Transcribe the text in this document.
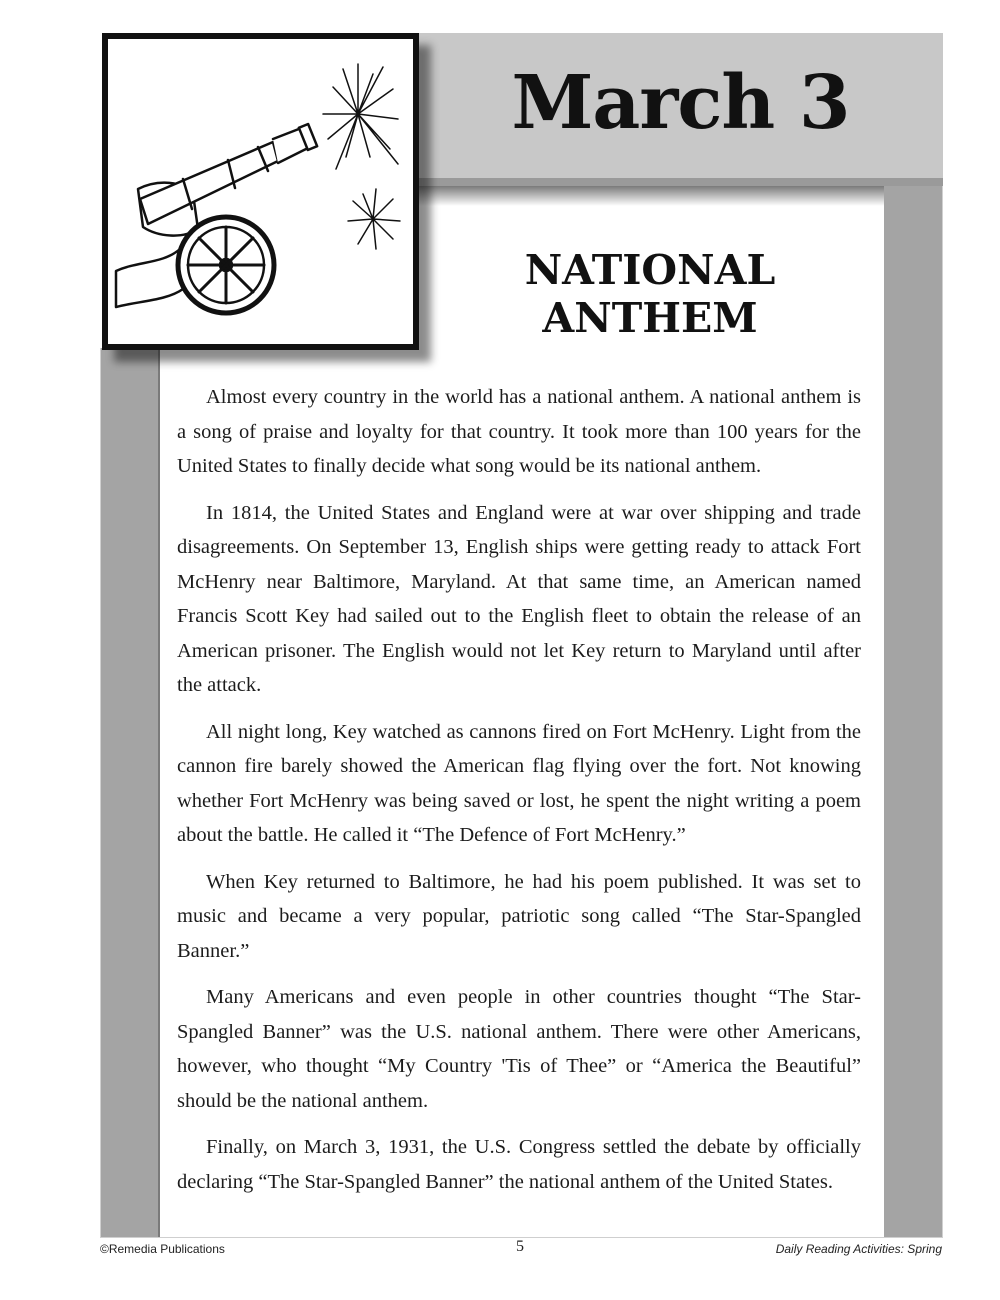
March 3
NATIONAL
ANTHEM

Almost every country in the world has a national anthem. A national anthem is a song of praise and loyalty for that country. It took more than 100 years for the United States to finally decide what song would be its national anthem.

In 1814, the United States and England were at war over shipping and trade disagreements. On September 13, English ships were getting ready to attack Fort McHenry near Baltimore, Maryland. At that same time, an American named Francis Scott Key had sailed out to the English fleet to obtain the release of an American prisoner. The English would not let Key return to Maryland until after the attack.

All night long, Key watched as cannons fired on Fort McHenry. Light from the cannon fire barely showed the American flag flying over the fort. Not knowing whether Fort McHenry was being saved or lost, he spent the night writing a poem about the battle. He called it “The Defence of Fort McHenry.”

When Key returned to Baltimore, he had his poem published. It was set to music and became a very popular, patriotic song called “The Star-Spangled Banner.”

Many Americans and even people in other countries thought “The Star-Spangled Banner” was the U.S. national anthem. There were other Americans, however, who thought “My Country 'Tis of Thee” or “America the Beautiful” should be the national anthem.

Finally, on March 3, 1931, the U.S. Congress settled the debate by officially declaring “The Star-Spangled Banner” the national anthem of the United States.

©Remedia Publications	5	Daily Reading Activities: Spring
